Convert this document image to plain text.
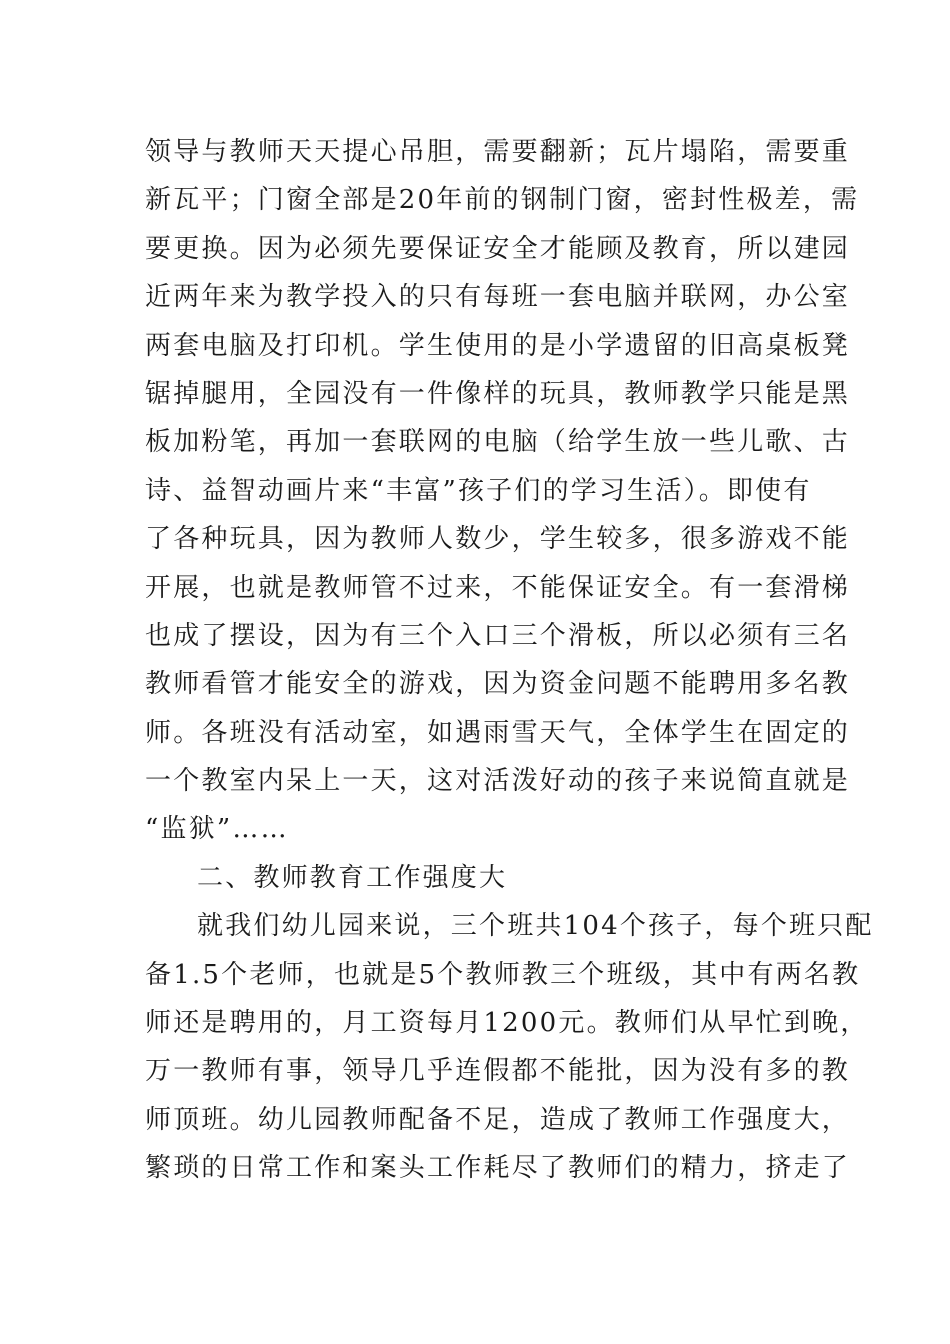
领导与教师天天提心吊胆，需要翻新；瓦片塌陷，需要重
新瓦平；门窗全部是20年前的钢制门窗，密封性极差，需
要更换。因为必须先要保证安全才能顾及教育，所以建园
近两年来为教学投入的只有每班一套电脑并联网，办公室
两套电脑及打印机。学生使用的是小学遗留的旧高桌板凳
锯掉腿用，全园没有一件像样的玩具，教师教学只能是黑
板加粉笔，再加一套联网的电脑（给学生放一些儿歌、古
诗、益智动画片来“丰富”孩子们的学习生活）。即使有
了各种玩具，因为教师人数少，学生较多，很多游戏不能
开展，也就是教师管不过来，不能保证安全。有一套滑梯
也成了摆设，因为有三个入口三个滑板，所以必须有三名
教师看管才能安全的游戏，因为资金问题不能聘用多名教
师。各班没有活动室，如遇雨雪天气，全体学生在固定的
一个教室内呆上一天，这对活泼好动的孩子来说简直就是
“监狱”……
二、教师教育工作强度大
就我们幼儿园来说，三个班共104个孩子，每个班只配
备1.5个老师，也就是5个教师教三个班级，其中有两名教
师还是聘用的，月工资每月1200元。教师们从早忙到晚，
万一教师有事，领导几乎连假都不能批，因为没有多的教
师顶班。幼儿园教师配备不足，造成了教师工作强度大，
繁琐的日常工作和案头工作耗尽了教师们的精力，挤走了
